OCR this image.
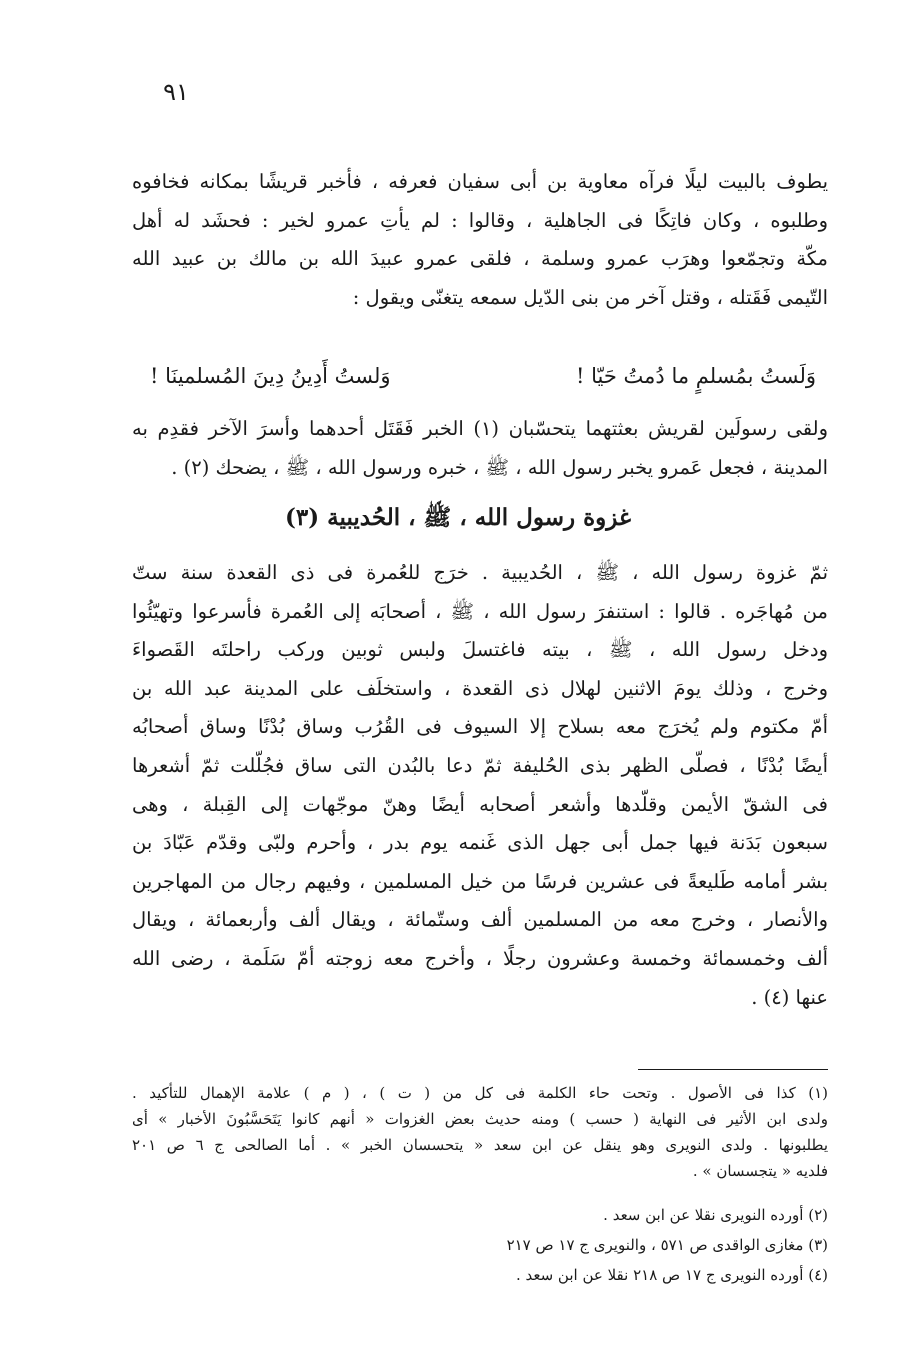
٩١
يطوف بالبيت ليلًا فرآه معاوية بن أبى سفيان فعرفه ، فأخبر قريشًا بمكانه فخافوه
وطلبوه ، وكان فاتِكًا فى الجاهلية ، وقالوا : لم يأتِ عمرو لخير : فحشَد له أهل
مكّة وتجمّعوا وهرَب عمرو وسلمة ، فلقى عمرو عبيدَ الله بن مالك بن عبيد الله
التّيمى فَقَتله ، وقتل آخر من بنى الدّيل سمعه يتغنّى ويقول :
وَلَستُ بمُسلمٍ ما دُمتُ حَيّا !
وَلستُ أَدِينُ دِينَ المُسلمينَا !
ولقى رسولَين لقريش بعثتهما يتحسّبان (١) الخبر فَقَتَل أحدهما وأسرَ الآخر فقدِم به
المدينة ، فجعل عَمرو يخبر رسول الله ، ﷺ ، خبره ورسول الله ، ﷺ ، يضحك (٢) .
غزوة رسول الله ، ﷺ ، الحُديبية (٣)
ثمّ غزوة رسول الله ، ﷺ ، الحُديبية . خرَج للعُمرة فى ذى القعدة سنة ستّ
من مُهاجَره . قالوا : استنفرَ رسول الله ، ﷺ ، أصحابَه إلى العُمرة فأسرعوا وتهيّئُوا
ودخل رسول الله ، ﷺ ، بيته فاغتسلَ ولبس ثوبين وركب راحلتَه القَصواءَ
وخرج ، وذلك يومَ الاثنين لهلال ذى القعدة ، واستخلَف على المدينة عبد الله بن
أمّ مكتوم ولم يُخرَج معه بسلاح إلا السيوف فى القُرُب وساق بُدْنًا وساق أصحابُه
أيضًا بُدْنًا ، فصلّى الظهر بذى الحُليفة ثمّ دعا بالبُدن التى ساق فجُلّلت ثمّ أشعرها
فى الشقّ الأيمن وقلّدها وأشعر أصحابه أيضًا وهنّ موجّهات إلى القِبلة ، وهى
سبعون بَدَنة فيها جمل أبى جهل الذى غَنمه يوم بدر ، وأحرم ولبّى وقدّم عَبّادَ بن
بشر أمامه طَليعةً فى عشرين فرسًا من خيل المسلمين ، وفيهم رجال من المهاجرين
والأنصار ، وخرج معه من المسلمين ألف وستّمائة ، ويقال ألف وأربعمائة ، ويقال
ألف وخمسمائة وخمسة وعشرون رجلًا ، وأخرج معه زوجته أمّ سَلَمة ، رضى الله
عنها (٤) .
(١) كذا فى الأصول . وتحت حاء الكلمة فى كل من ( ت ) ، ( م ) علامة الإهمال للتأكيد .
ولدى ابن الأثير فى النهاية ( حسب ) ومنه حديث بعض الغزوات « أنهم كانوا يَتَحَسَّبُونَ الأخبار » أى
يطلبونها . ولدى النويرى وهو ينقل عن ابن سعد « يتحسسان الخبر » . أما الصالحى ج ٦ ص ٢٠١
فلديه « يتجسسان » .
(٢) أورده النويرى نقلا عن ابن سعد .
(٣) مغازى الواقدى ص ٥٧١ ، والنويرى ج ١٧ ص ٢١٧
(٤) أورده النويرى ج ١٧ ص ٢١٨ نقلا عن ابن سعد .
